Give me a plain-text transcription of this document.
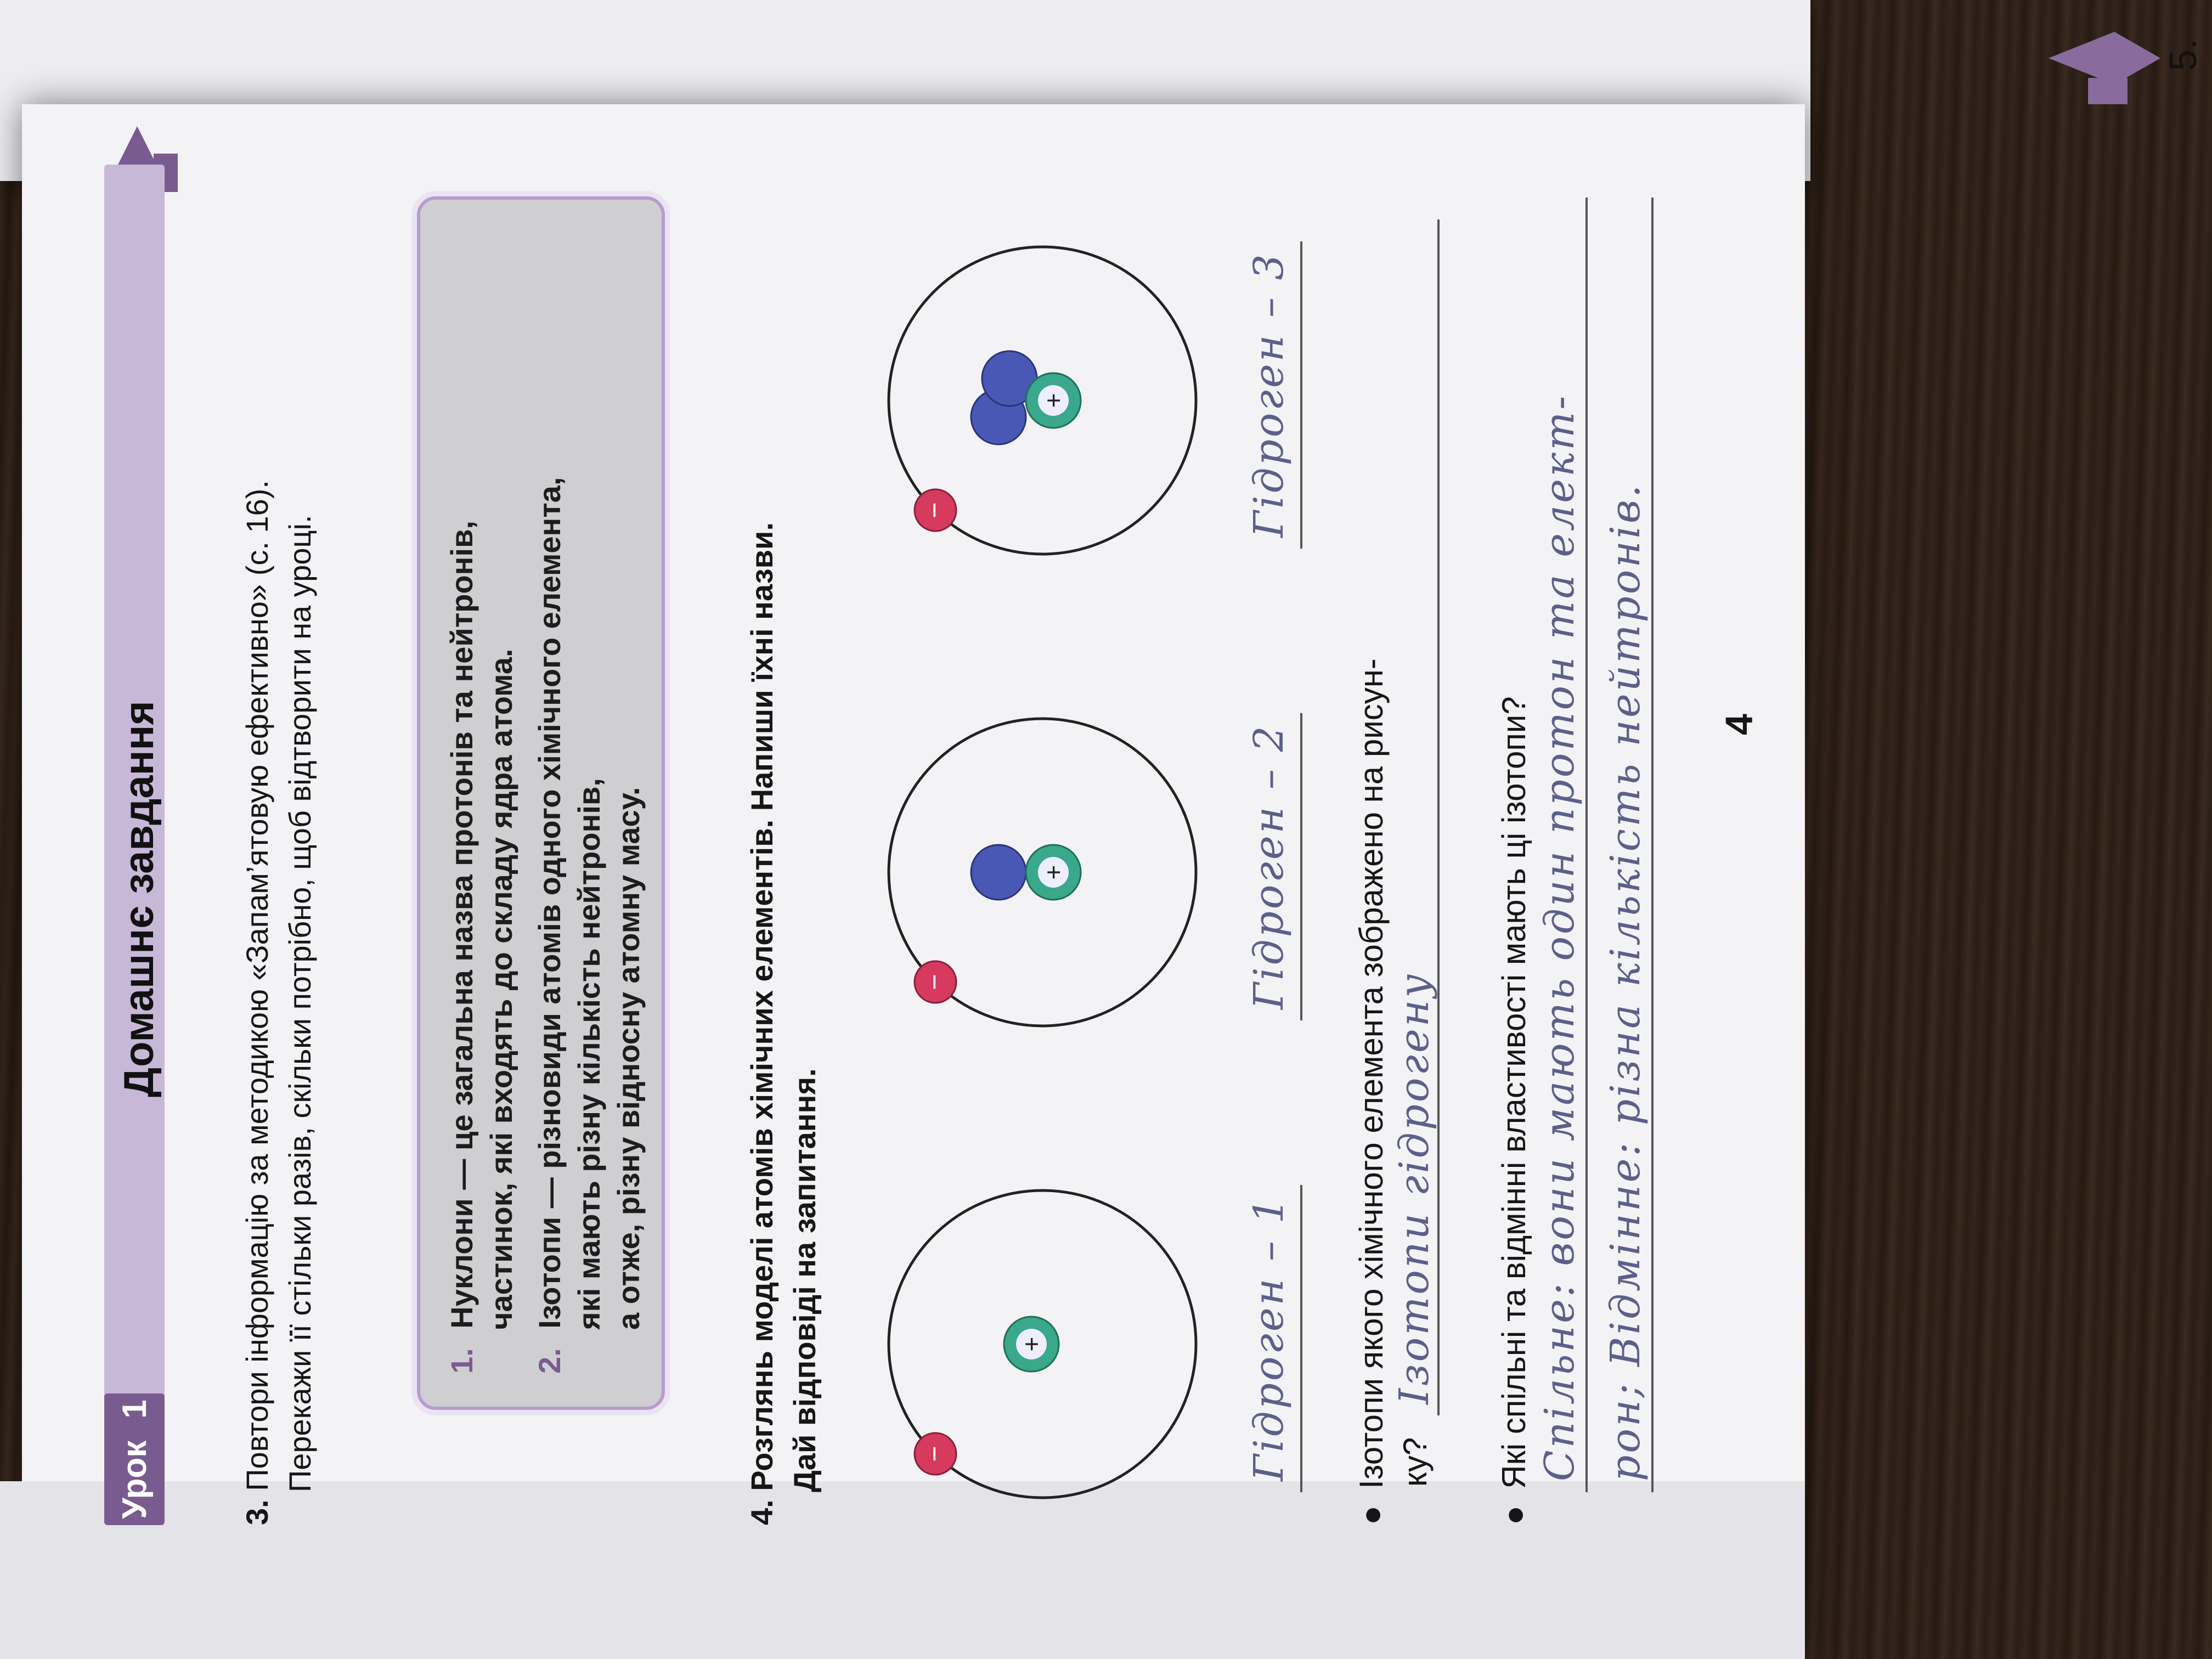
5.
Урок
1
Домашнє завдання
3. Повтори інформацію за методикою «Запам’ятовую ефективно» (с. 16). Перекажи її стільки разів, скільки потрібно, щоб відтворити на уроці.	1. Нуклони — це загальна назва протонів та нейтронів, частинок, які входять до складу ядра атома.
2. Ізотопи — різновиди атомів одного хімічного елемента, які мають різну кількість нейтронів, а отже, різну відносну атомну масу.
4. Розглянь моделі атомів хімічних елементів. Напиши їхні назви. Дай відповіді на запитання.	−
+
−
+
−
+
Гідроген – 1
Гідроген – 2
Гідроген – 3
●Ізотопи якого хімічного елемента зображено на рисун- ку?
Ізотопи гідрогену
●Які спільні та відмінні властивості мають ці ізотопи? Спільне: вони мають один протон та елект- рон; Відмінне: різна кількість нейтронів. 4
